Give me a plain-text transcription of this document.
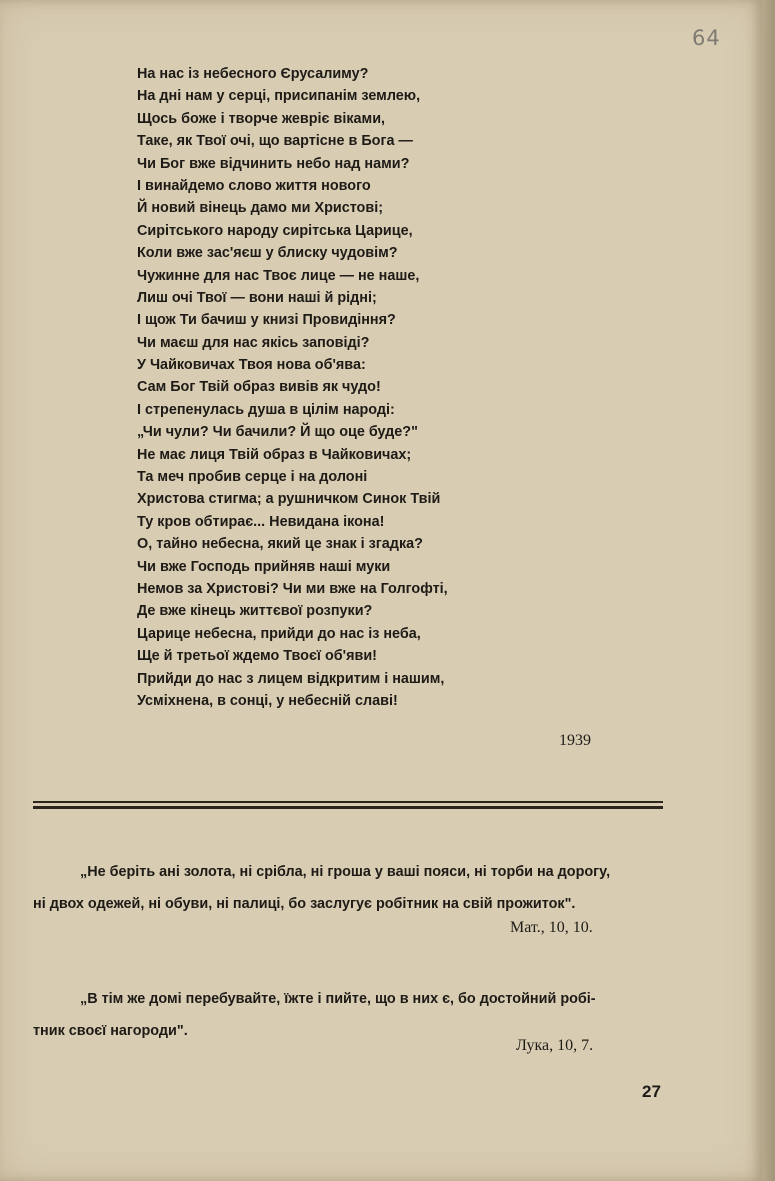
64
На нас із небесного Єрусалиму?
На дні нам у серці, присипанім землею,
Щось боже і творче жевріє віками,
Таке, як Твої очі, що вартісне в Бога —
Чи Бог вже відчинить небо над нами?
І винайдемо слово життя нового
Й новий вінець дамо ми Христові;
Сирітського народу сирітська Царице,
Коли вже зас'яєш у блиску чудовім?
Чужинне для нас Твоє лице — не наше,
Лиш очі Твої — вони наші й рідні;
І щож Ти бачиш у книзі Провидіння?
Чи маєш для нас якісь заповіді?
У Чайковичах Твоя нова об'ява:
Сам Бог Твій образ вивів як чудо!
І стрепенулась душа в цілім народі:
„Чи чули? Чи бачили? Й що оце буде?"
Не має лиця Твій образ в Чайковичах;
Та меч пробив серце і на долоні
Христова стигма; а рушничком Синок Твій
Ту кров обтирає... Невидана ікона!
О, тайно небесна, який це знак і згадка?
Чи вже Господь прийняв наші муки
Немов за Христові? Чи ми вже на Голгофті,
Де вже кінець життєвої розпуки?
Царице небесна, прийди до нас із неба,
Ще й третьої ждемо Твоєї об'яви!
Прийди до нас з лицем відкритим і нашим,
Усміхнена, в сонці, у небесній славі!
1939
„Не беріть ані золота, ні срібла, ні гроша у ваші пояси, ні торби на дорогу,
ні двох одежей, ні обуви, ні палиці, бо заслугує робітник на свій прожиток".
Мат., 10, 10.
„В тім же домі перебувайте, їжте і пийте, що в них є, бо достойний робі-
тник своєї нагороди".
Лука, 10, 7.
27
